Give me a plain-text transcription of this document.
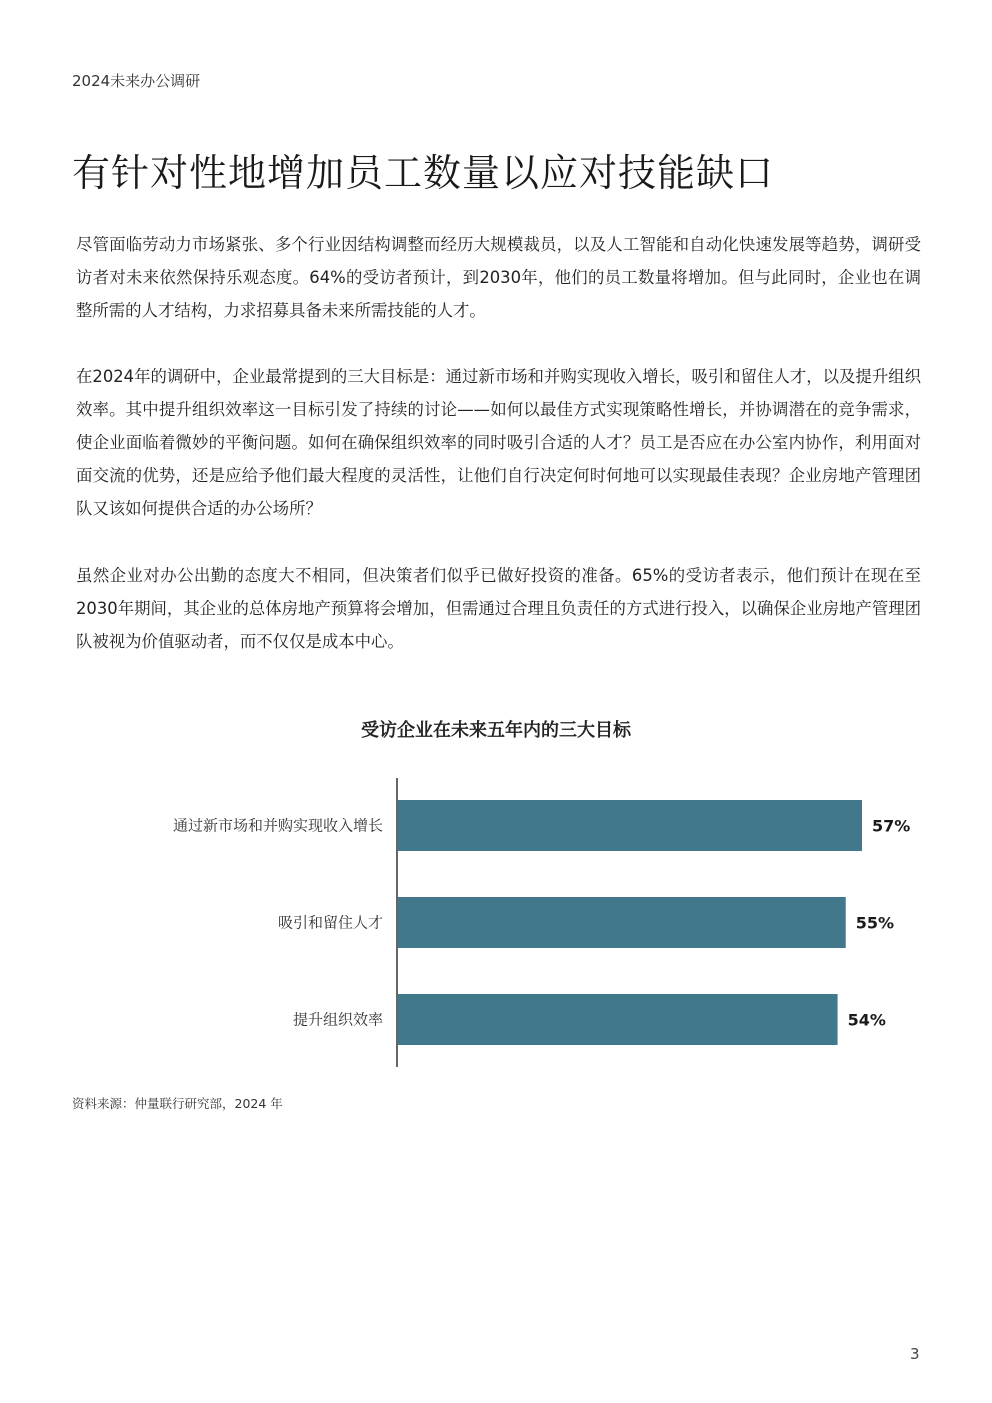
2024未来办公调研
有针对性地增加员工数量以应对技能缺口

尽管面临劳动力市场紧张、多个行业因结构调整而经历大规模裁员，以及人工智能和自动化快速发展等趋势，调研受访者对未来依然保持乐观态度。64%的受访者预计，到2030年，他们的员工数量将增加。但与此同时，企业也在调整所需的人才结构，力求招募具备未来所需技能的人才。

在2024年的调研中，企业最常提到的三大目标是：通过新市场和并购实现收入增长，吸引和留住人才，以及提升组织效率。其中提升组织效率这一目标引发了持续的讨论——如何以最佳方式实现策略性增长，并协调潜在的竞争需求，使企业面临着微妙的平衡问题。如何在确保组织效率的同时吸引合适的人才？员工是否应在办公室内协作，利用面对面交流的优势，还是应给予他们最大程度的灵活性，让他们自行决定何时何地可以实现最佳表现？企业房地产管理团队又该如何提供合适的办公场所？

虽然企业对办公出勤的态度大不相同，但决策者们似乎已做好投资的准备。65%的受访者表示，他们预计在现在至2030年期间，其企业的总体房地产预算将会增加，但需通过合理且负责任的方式进行投入，以确保企业房地产管理团队被视为价值驱动者，而不仅仅是成本中心。

受访企业在未来五年内的三大目标
通过新市场和并购实现收入增长	57%
吸引和留住人才	55%
提升组织效率	54%
资料来源：仲量联行研究部，2024 年
3
